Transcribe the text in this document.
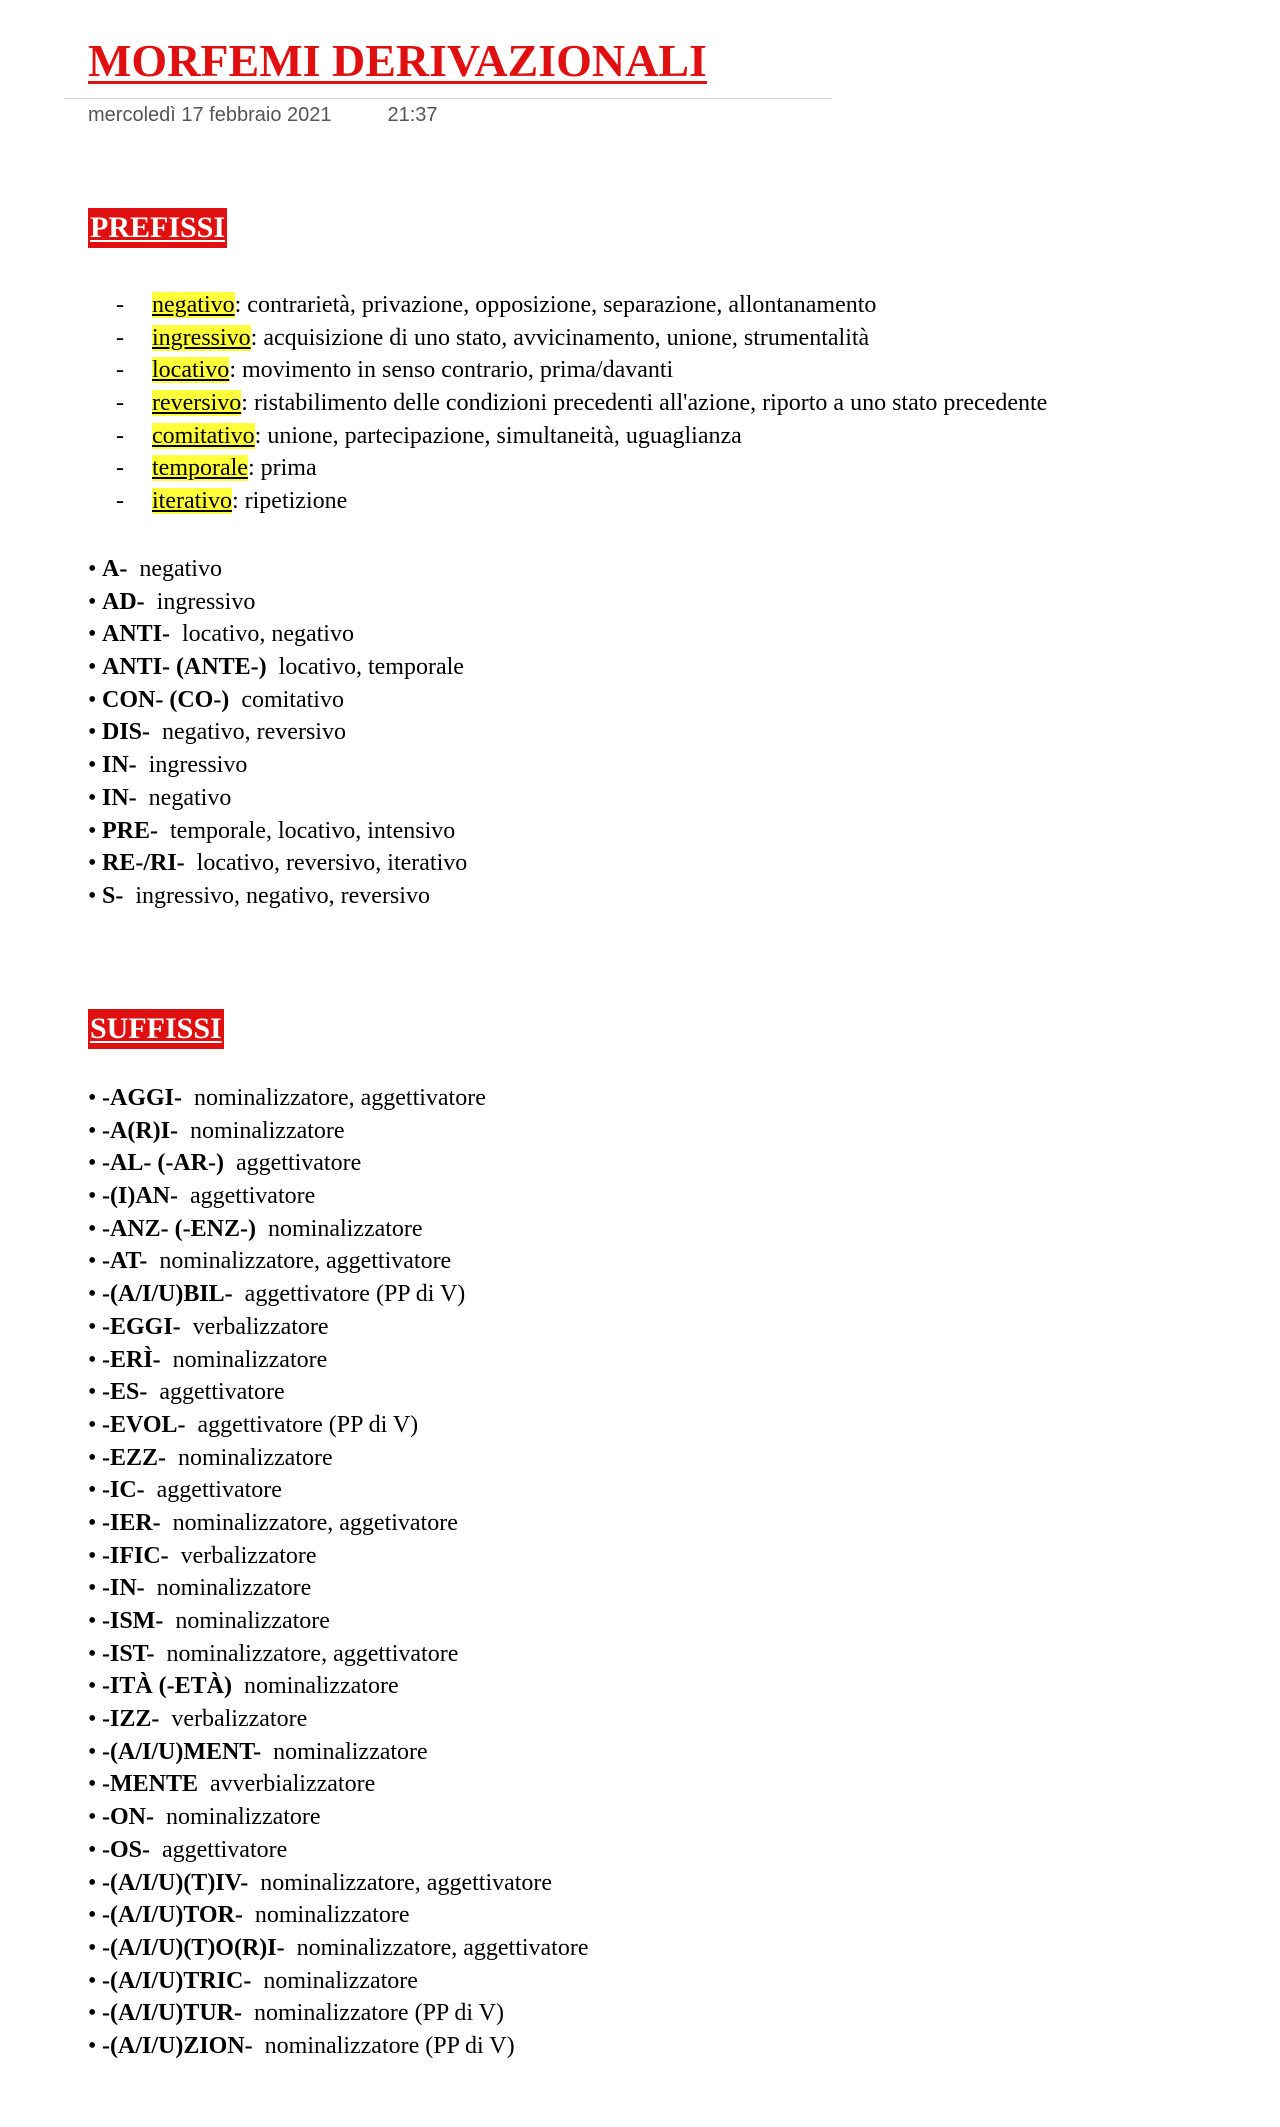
MORFEMI DERIVAZIONALI
mercoledì 17 febbraio 2021	21:37
PREFISSI
- negativo: contrarietà, privazione, opposizione, separazione, allontanamento
- ingressivo: acquisizione di uno stato, avvicinamento, unione, strumentalità
- locativo: movimento in senso contrario, prima/davanti
- reversivo: ristabilimento delle condizioni precedenti all'azione, riporto a uno stato precedente
- comitativo: unione, partecipazione, simultaneità, uguaglianza
- temporale: prima
- iterativo: ripetizione
• A- negativo
• AD- ingressivo
• ANTI- locativo, negativo
• ANTI- (ANTE-) locativo, temporale
• CON- (CO-) comitativo
• DIS- negativo, reversivo
• IN- ingressivo
• IN- negativo
• PRE- temporale, locativo, intensivo
• RE-/RI- locativo, reversivo, iterativo
• S- ingressivo, negativo, reversivo
SUFFISSI
• -AGGI- nominalizzatore, aggettivatore
• -A(R)I- nominalizzatore
• -AL- (-AR-) aggettivatore
• -(I)AN- aggettivatore
• -ANZ- (-ENZ-) nominalizzatore
• -AT- nominalizzatore, aggettivatore
• -(A/I/U)BIL- aggettivatore (PP di V)
• -EGGI- verbalizzatore
• -ERÌ- nominalizzatore
• -ES- aggettivatore
• -EVOL- aggettivatore (PP di V)
• -EZZ- nominalizzatore
• -IC- aggettivatore
• -IER- nominalizzatore, aggetivatore
• -IFIC- verbalizzatore
• -IN- nominalizzatore
• -ISM- nominalizzatore
• -IST- nominalizzatore, aggettivatore
• -ITÀ (-ETÀ) nominalizzatore
• -IZZ- verbalizzatore
• -(A/I/U)MENT- nominalizzatore
• -MENTE avverbializzatore
• -ON- nominalizzatore
• -OS- aggettivatore
• -(A/I/U)(T)IV- nominalizzatore, aggettivatore
• -(A/I/U)TOR- nominalizzatore
• -(A/I/U)(T)O(R)I- nominalizzatore, aggettivatore
• -(A/I/U)TRIC- nominalizzatore
• -(A/I/U)TUR- nominalizzatore (PP di V)
• -(A/I/U)ZION- nominalizzatore (PP di V)
